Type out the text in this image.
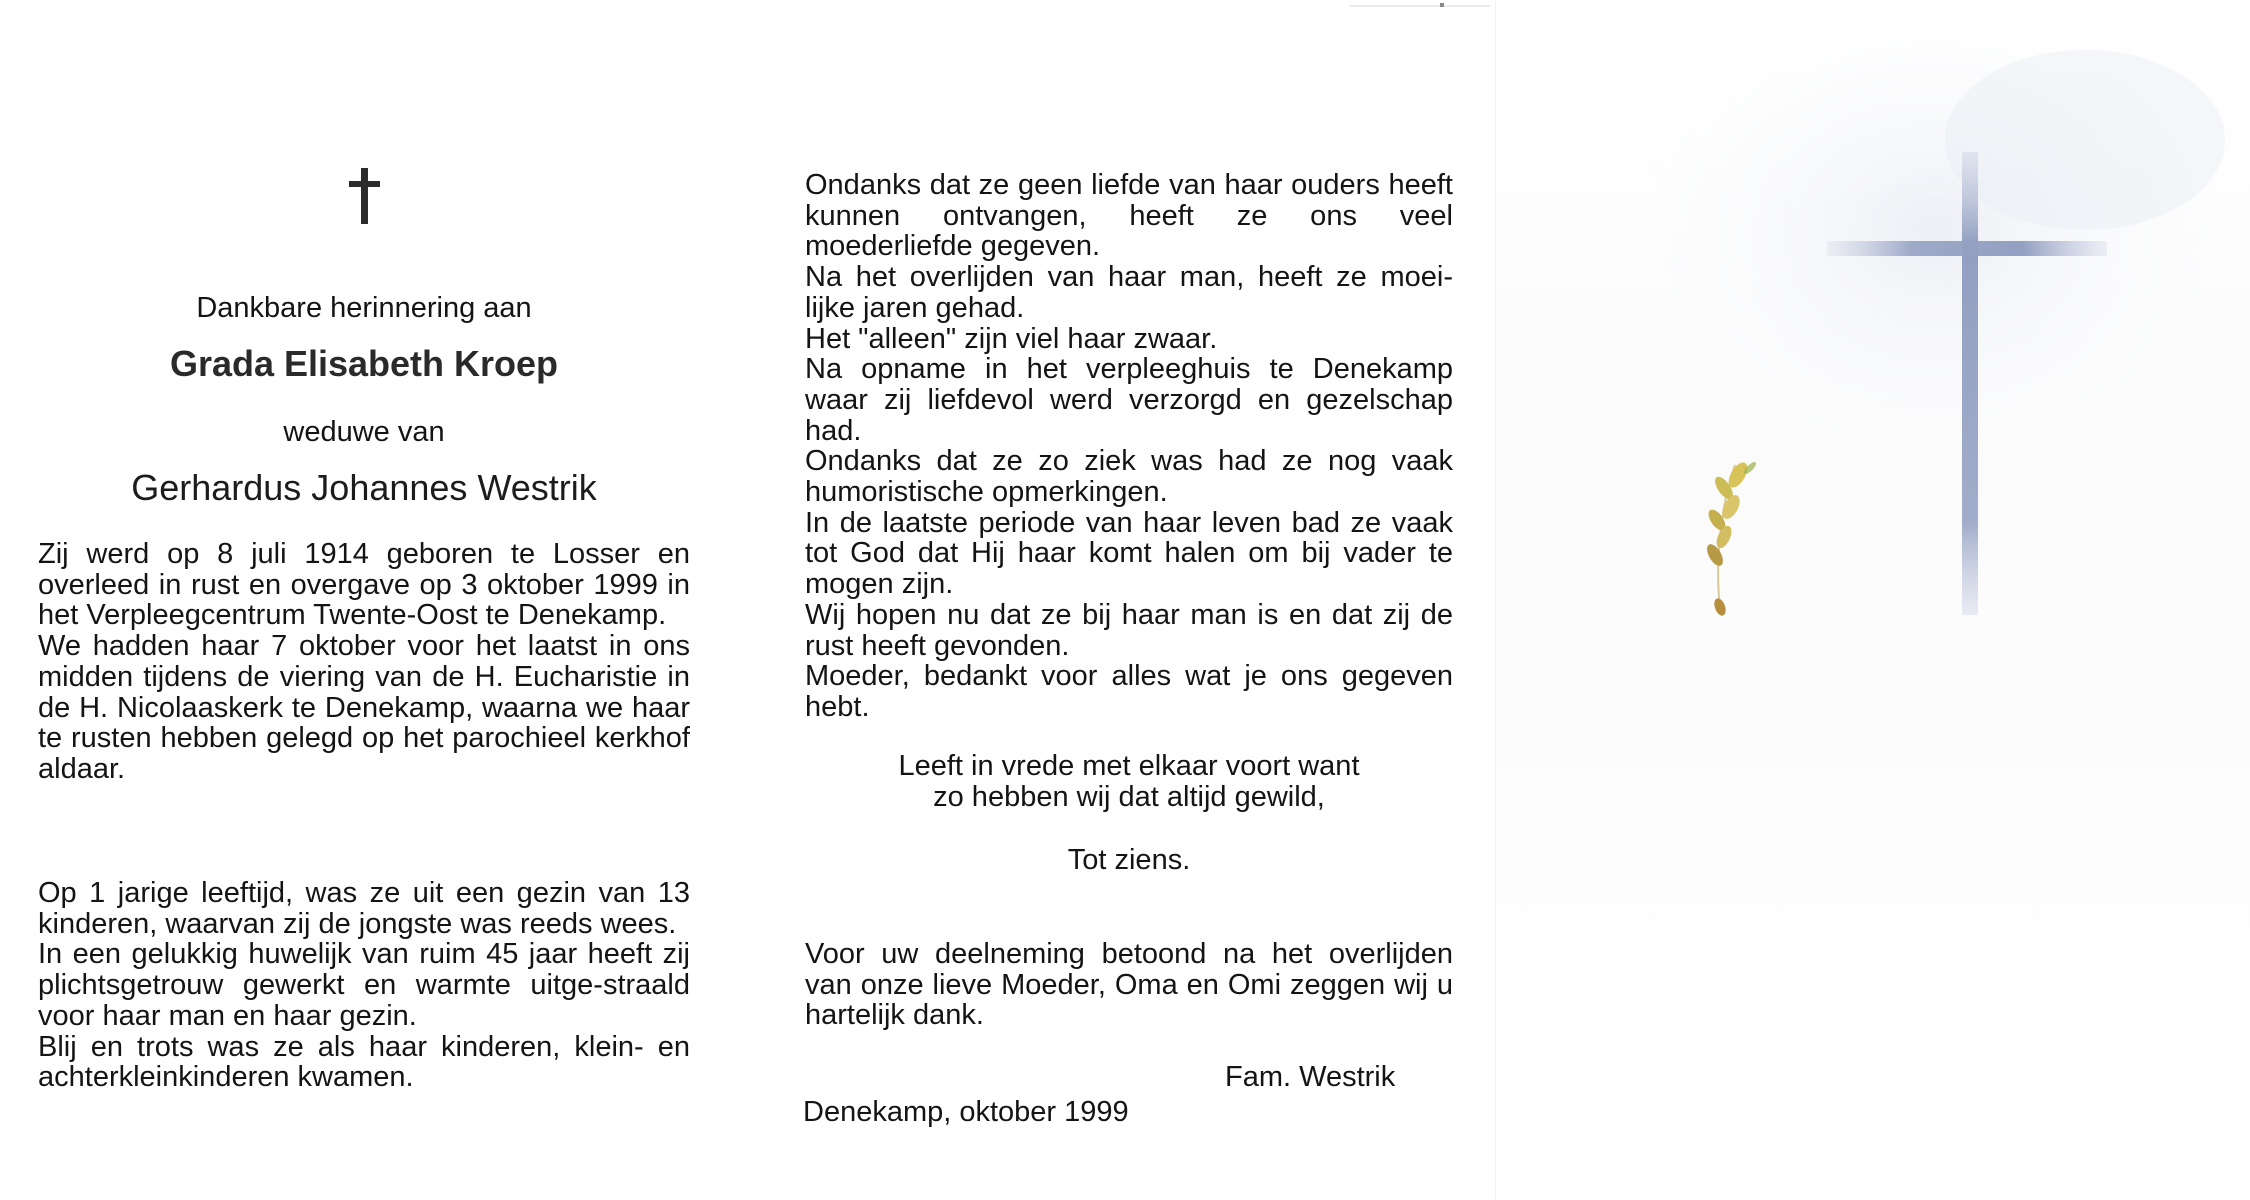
Dankbare herinnering aan
Grada Elisabeth Kroep
weduwe van
Gerhardus Johannes Westrik

Zij werd op 8 juli 1914 geboren te Losser en overleed in rust en overgave op 3 oktober 1999 in het Verpleegcentrum Twente-Oost te Denekamp.
We hadden haar 7 oktober voor het laatst in ons midden tijdens de viering van de H. Eucharistie in de H. Nicolaaskerk te Denekamp, waarna we haar te rusten hebben gelegd op het parochieel kerkhof aldaar.

Op 1 jarige leeftijd, was ze uit een gezin van 13 kinderen, waarvan zij de jongste was reeds wees.
In een gelukkig huwelijk van ruim 45 jaar heeft zij plichtsgetrouw gewerkt en warmte uitge-straald voor haar man en haar gezin.
Blij en trots was ze als haar kinderen, klein- en achterkleinkinderen kwamen.

Ondanks dat ze geen liefde van haar ouders heeft kunnen ontvangen, heeft ze ons veel moederliefde gegeven.
Na het overlijden van haar man, heeft ze moei-lijke jaren gehad.
Het "alleen" zijn viel haar zwaar.
Na opname in het verpleeghuis te Denekamp waar zij liefdevol werd verzorgd en gezelschap had.
Ondanks dat ze zo ziek was had ze nog vaak humoristische opmerkingen.
In de laatste periode van haar leven bad ze vaak tot God dat Hij haar komt halen om bij vader te mogen zijn.
Wij hopen nu dat ze bij haar man is en dat zij de rust heeft gevonden.
Moeder, bedankt voor alles wat je ons gegeven hebt.

Leeft in vrede met elkaar voort want
zo hebben wij dat altijd gewild,
Tot ziens.

Voor uw deelneming betoond na het overlijden van onze lieve Moeder, Oma en Omi zeggen wij u hartelijk dank.

Fam. Westrik
Denekamp, oktober 1999
